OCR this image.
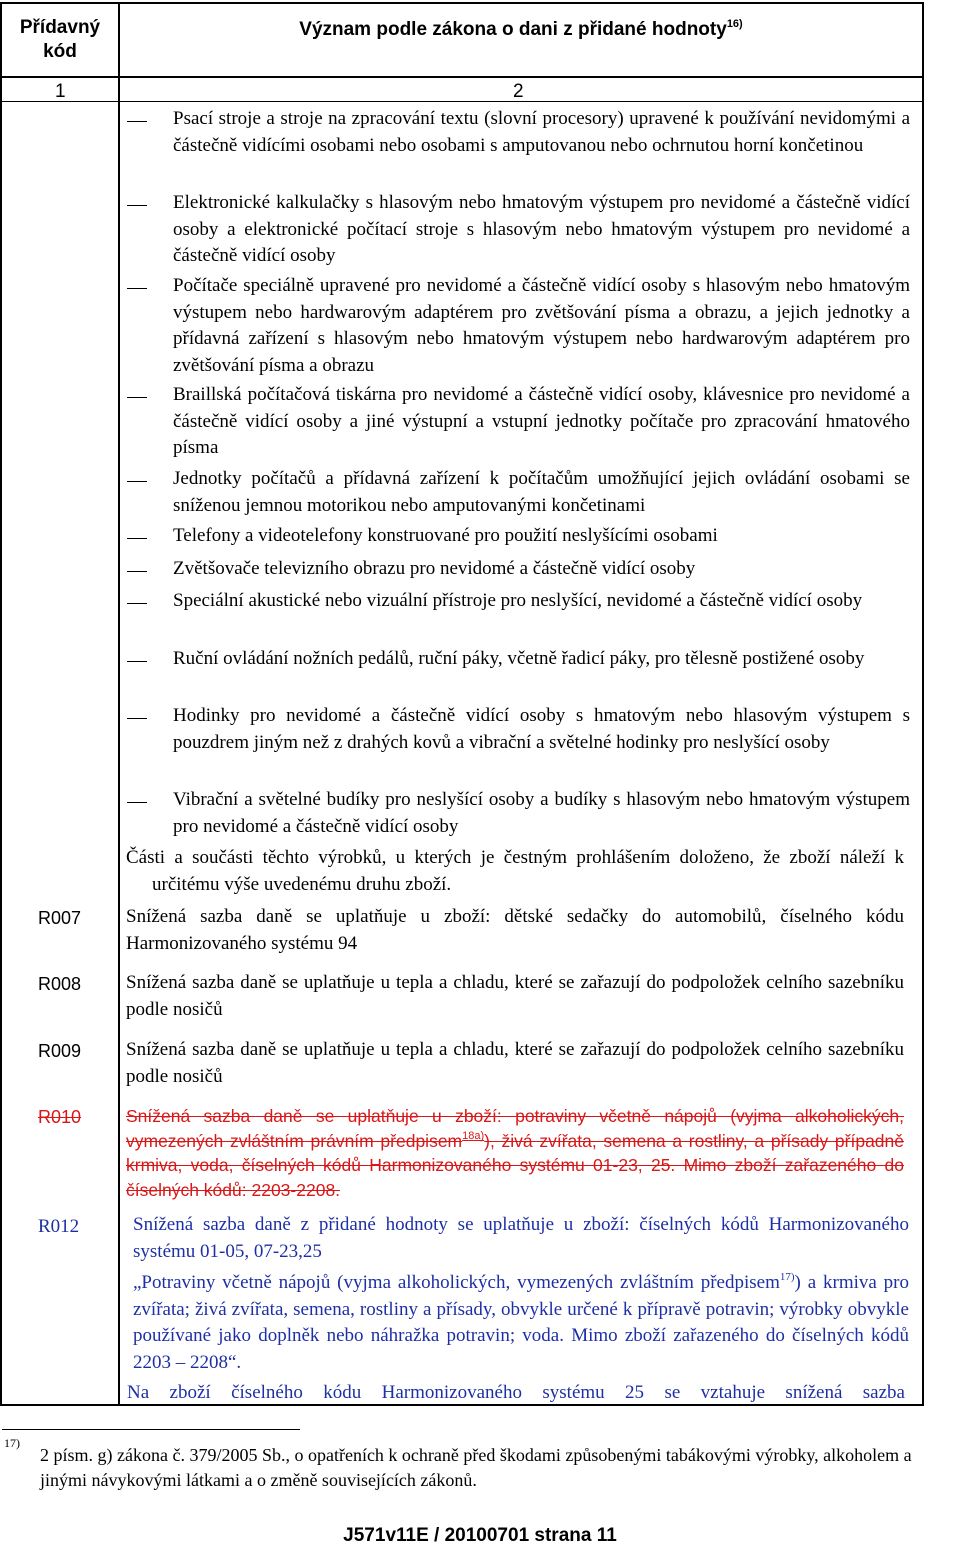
Přídavný kód
Význam podle zákona o dani z přidané hodnoty$^{16)}$
1	2
Psací stroje a stroje na zpracování textu (slovní procesory) upravené k používání nevidomými a částečně vidícími osobami nebo osobami s amputovanou nebo ochrnutou horní končetinou
Elektronické kalkulačky s hlasovým nebo hmatovým výstupem pro nevidomé a částečně vidící osoby a elektronické počítací stroje s hlasovým nebo hmatovým výstupem pro nevidomé a částečně vidící osoby
Počítače speciálně upravené pro nevidomé a částečně vidící osoby s hlasovým nebo hmatovým výstupem nebo hardwarovým adaptérem pro zvětšování písma a obrazu, a jejich jednotky a přídavná zařízení s hlasovým nebo hmatovým výstupem nebo hardwarovým adaptérem pro zvětšování písma a obrazu
Braillská počítačová tiskárna pro nevidomé a částečně vidící osoby, klávesnice pro nevidomé a částečně vidící osoby a jiné výstupní a vstupní jednotky počítače pro zpracování hmatového písma
Jednotky počítačů a přídavná zařízení k počítačům umožňující jejich ovládání osobami se sníženou jemnou motorikou nebo amputovanými končetinami
Telefony a videotelefony konstruované pro použití neslyšícími osobami
Zvětšovače televizního obrazu pro nevidomé a částečně vidící osoby
Speciální akustické nebo vizuální přístroje pro neslyšící, nevidomé a částečně vidící osoby
Ruční ovládání nožních pedálů, ruční páky, včetně řadicí páky, pro tělesně postižené osoby
Hodinky pro nevidomé a částečně vidící osoby s hmatovým nebo hlasovým výstupem s pouzdrem jiným než z drahých kovů a vibrační a světelné hodinky pro neslyšící osoby
Vibrační a světelné budíky pro neslyšící osoby a budíky s hlasovým nebo hmatovým výstupem pro nevidomé a částečně vidící osoby
Části a součásti těchto výrobků, u kterých je čestným prohlášením doloženo, že zboží náleží k určitému výše uvedenému druhu zboží.
R007 Snížená sazba daně se uplatňuje u zboží: dětské sedačky do automobilů, číselného kódu Harmonizovaného systému 94
R008 Snížená sazba daně se uplatňuje u tepla a chladu, které se zařazují do podpoložek celního sazebníku podle nosičů
R009 Snížená sazba daně se uplatňuje u tepla a chladu, které se zařazují do podpoložek celního sazebníku podle nosičů
R010	Snížená sazba daně se uplatňuje u zboží: potraviny včetně nápojů (vyjma alkoholických, vymezených zvláštním právním předpisem$^{18a)}$), živá zvířata, semena a rostliny, a přísady případně krmiva, voda, číselných kódů Harmonizovaného systému 01-23, 25. Mimo zboží zařazeného do číselných kódů: 2203-2208.
R012	Snížená sazba daně z přidané hodnoty se uplatňuje u zboží: číselných kódů Harmonizovaného systému 01-05, 07-23,25
„Potraviny včetně nápojů (vyjma alkoholických, vymezených zvláštním předpisem$^{17)}$) a krmiva pro zvířata; živá zvířata, semena, rostliny a přísady, obvykle určené k přípravě potravin; výrobky obvykle používané jako doplněk nebo náhražka potravin; voda. Mimo zboží zařazeného do číselných kódů 2203 – 2208“.
Na zboží číselného kódu Harmonizovaného systému 25 se vztahuje snížená sazba
17)
2 písm. g) zákona č. 379/2005 Sb., o opatřeních k ochraně před škodami způsobenými tabákovými výrobky, alkoholem a jinými návykovými látkami a o změně souvisejících zákonů.
J571v11E / 20100701 strana 11
